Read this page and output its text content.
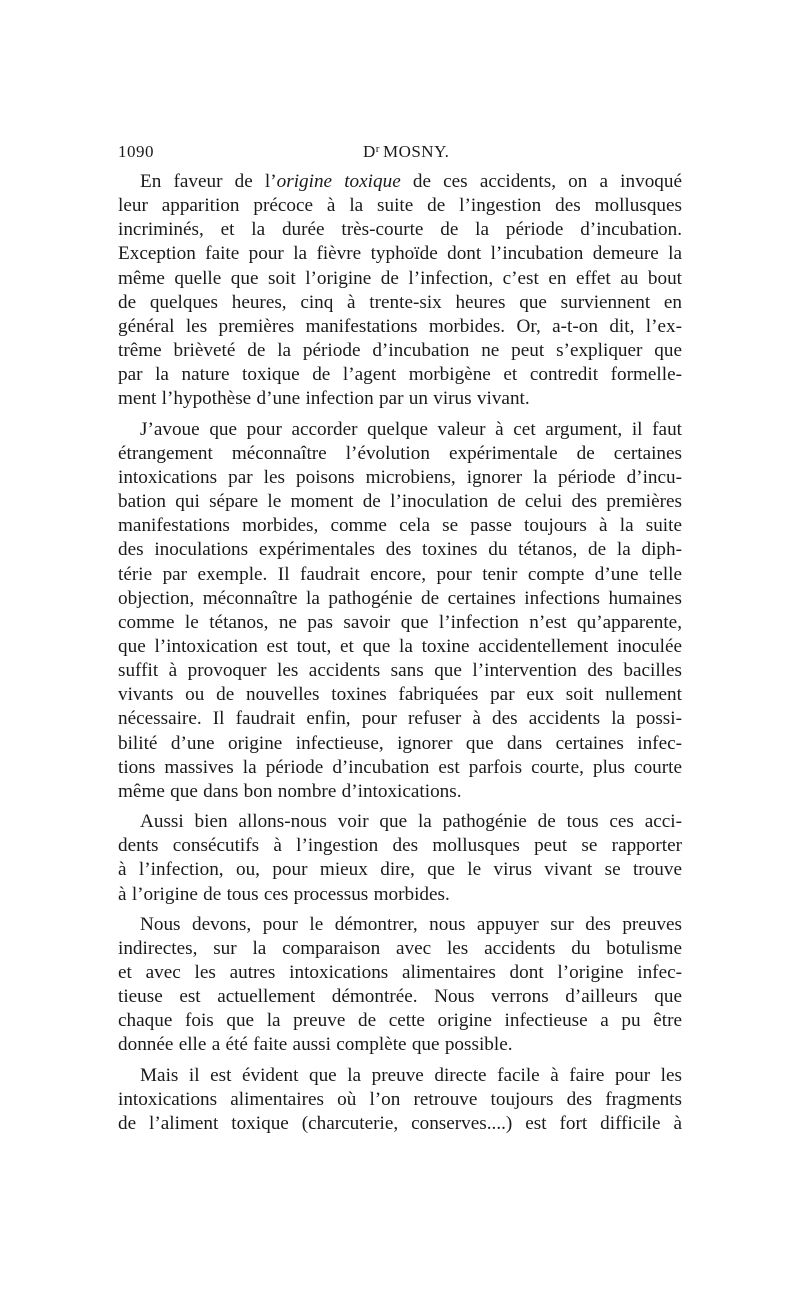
1090	$D^r$ MOSNY.
En faveur de l’origine toxique de ces accidents, on a invoqué
leur apparition précoce à la suite de l’ingestion des mollusques
incriminés, et la durée très-courte de la période d’incubation.
Exception faite pour la fièvre typhoïde dont l’incubation demeure la
même quelle que soit l’origine de l’infection, c’est en effet au bout
de quelques heures, cinq à trente-six heures que surviennent en
général les premières manifestations morbides. Or, a-t-on dit, l’ex-
trême brièveté de la période d’incubation ne peut s’expliquer que
par la nature toxique de l’agent morbigène et contredit formelle-
ment l’hypothèse d’une infection par un virus vivant.
J’avoue que pour accorder quelque valeur à cet argument, il faut
étrangement méconnaître l’évolution expérimentale de certaines
intoxications par les poisons microbiens, ignorer la période d’incu-
bation qui sépare le moment de l’inoculation de celui des premières
manifestations morbides, comme cela se passe toujours à la suite
des inoculations expérimentales des toxines du tétanos, de la diph-
térie par exemple. Il faudrait encore, pour tenir compte d’une telle
objection, méconnaître la pathogénie de certaines infections humaines
comme le tétanos, ne pas savoir que l’infection n’est qu’apparente,
que l’intoxication est tout, et que la toxine accidentellement inoculée
suffit à provoquer les accidents sans que l’intervention des bacilles
vivants ou de nouvelles toxines fabriquées par eux soit nullement
nécessaire. Il faudrait enfin, pour refuser à des accidents la possi-
bilité d’une origine infectieuse, ignorer que dans certaines infec-
tions massives la période d’incubation est parfois courte, plus courte
même que dans bon nombre d’intoxications.
Aussi bien allons-nous voir que la pathogénie de tous ces acci-
dents consécutifs à l’ingestion des mollusques peut se rapporter
à l’infection, ou, pour mieux dire, que le virus vivant se trouve
à l’origine de tous ces processus morbides.
Nous devons, pour le démontrer, nous appuyer sur des preuves
indirectes, sur la comparaison avec les accidents du botulisme
et avec les autres intoxications alimentaires dont l’origine infec-
tieuse est actuellement démontrée. Nous verrons d’ailleurs que
chaque fois que la preuve de cette origine infectieuse a pu être
donnée elle a été faite aussi complète que possible.
Mais il est évident que la preuve directe facile à faire pour les
intoxications alimentaires où l’on retrouve toujours des fragments
de l’aliment toxique (charcuterie, conserves....) est fort difficile à
